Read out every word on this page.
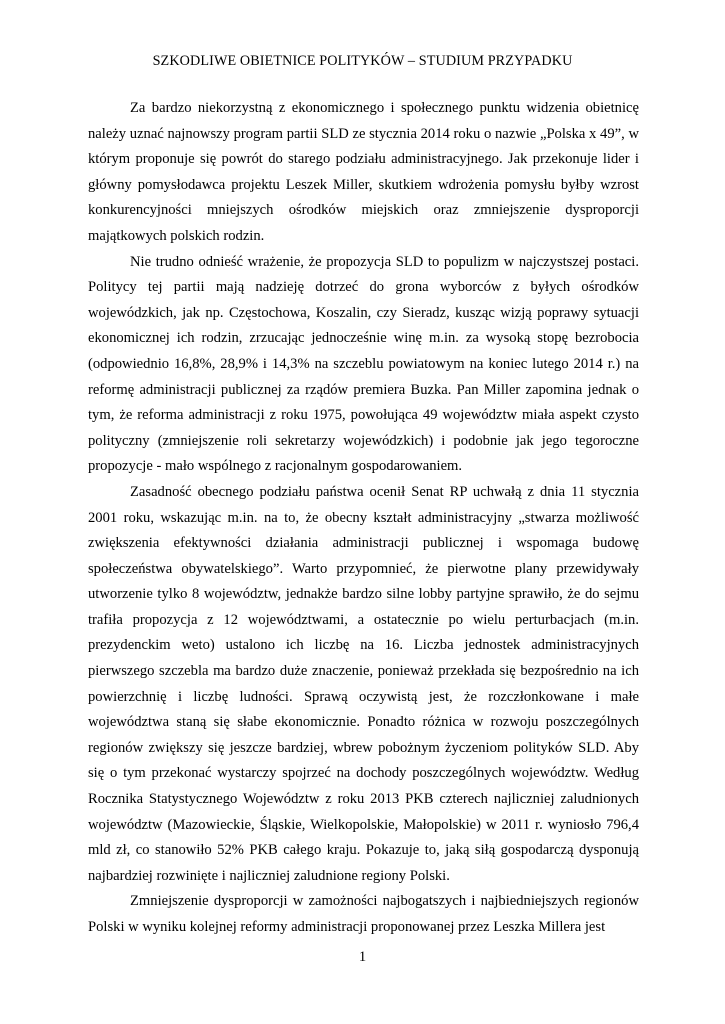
SZKODLIWE OBIETNICE POLITYKÓW – STUDIUM PRZYPADKU

Za bardzo niekorzystną z ekonomicznego i społecznego punktu widzenia obietnicę należy uznać najnowszy program partii SLD ze stycznia 2014 roku o nazwie „Polska x 49”, w którym proponuje się powrót do starego podziału administracyjnego. Jak przekonuje lider i główny pomysłodawca projektu Leszek Miller, skutkiem wdrożenia pomysłu byłby wzrost konkurencyjności mniejszych ośrodków miejskich oraz zmniejszenie dysproporcji majątkowych polskich rodzin.

Nie trudno odnieść wrażenie, że propozycja SLD to populizm w najczystszej postaci. Politycy tej partii mają nadzieję dotrzeć do grona wyborców z byłych ośrodków wojewódzkich, jak np. Częstochowa, Koszalin, czy Sieradz, kusząc wizją poprawy sytuacji ekonomicznej ich rodzin, zrzucając jednocześnie winę m.in. za wysoką stopę bezrobocia (odpowiednio 16,8%, 28,9% i 14,3% na szczeblu powiatowym na koniec lutego 2014 r.) na reformę administracji publicznej za rządów premiera Buzka. Pan Miller zapomina jednak o tym, że reforma administracji z roku 1975, powołująca 49 województw miała aspekt czysto polityczny (zmniejszenie roli sekretarzy wojewódzkich) i podobnie jak jego tegoroczne propozycje - mało wspólnego z racjonalnym gospodarowaniem.

Zasadność obecnego podziału państwa ocenił Senat RP uchwałą z dnia 11 stycznia 2001 roku, wskazując m.in. na to, że obecny kształt administracyjny „stwarza możliwość zwiększenia efektywności działania administracji publicznej i wspomaga budowę społeczeństwa obywatelskiego”. Warto przypomnieć, że pierwotne plany przewidywały utworzenie tylko 8 województw, jednakże bardzo silne lobby partyjne sprawiło, że do sejmu trafiła propozycja z 12 województwami, a ostatecznie po wielu perturbacjach (m.in. prezydenckim weto) ustalono ich liczbę na 16. Liczba jednostek administracyjnych pierwszego szczebla ma bardzo duże znaczenie, ponieważ przekłada się bezpośrednio na ich powierzchnię i liczbę ludności. Sprawą oczywistą jest, że rozczłonkowane i małe województwa staną się słabe ekonomicznie. Ponadto różnica w rozwoju poszczególnych regionów zwiększy się jeszcze bardziej, wbrew pobożnym życzeniom polityków SLD. Aby się o tym przekonać wystarczy spojrzeć na dochody poszczególnych województw. Według Rocznika Statystycznego Województw z roku 2013 PKB czterech najliczniej zaludnionych województw (Mazowieckie, Śląskie, Wielkopolskie, Małopolskie) w 2011 r. wyniosło 796,4 mld zł, co stanowiło 52% PKB całego kraju. Pokazuje to, jaką siłą gospodarczą dysponują najbardziej rozwinięte i najliczniej zaludnione regiony Polski.

Zmniejszenie dysproporcji w zamożności najbogatszych i najbiedniejszych regionów Polski w wyniku kolejnej reformy administracji proponowanej przez Leszka Millera jest

1
